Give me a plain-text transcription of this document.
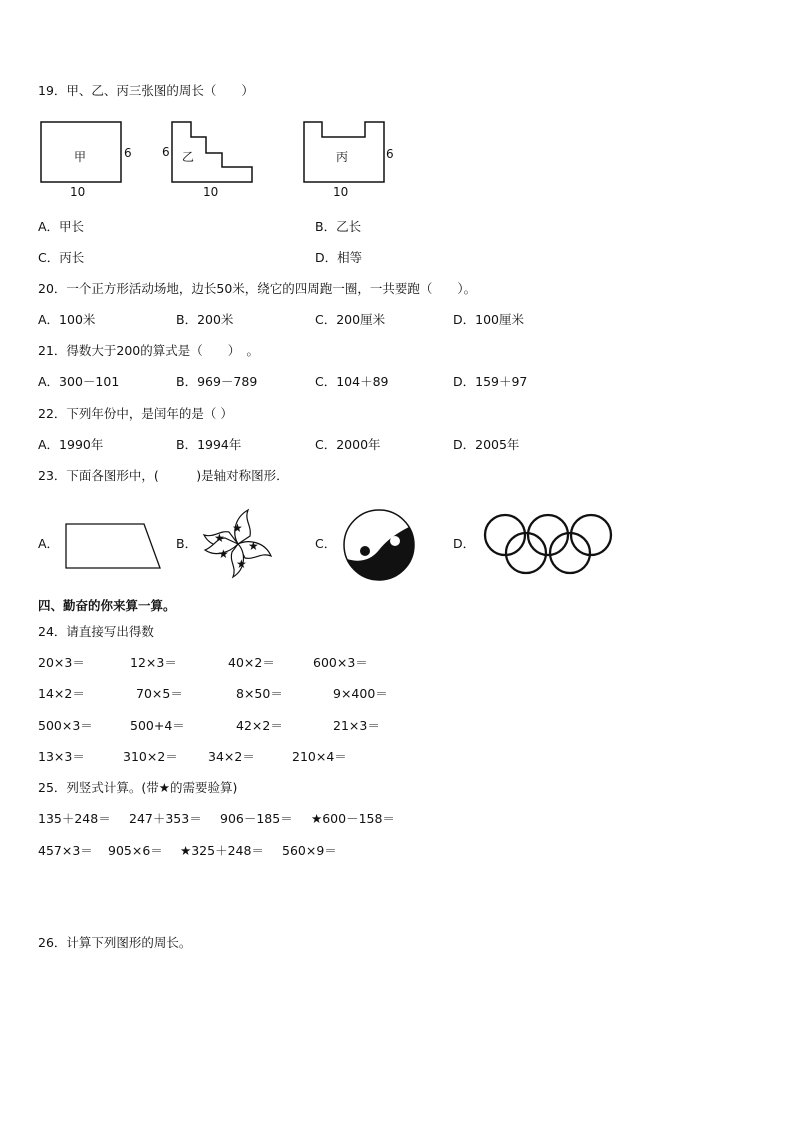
19．甲、乙、丙三张图的周长（　　）
甲	6
10
乙
6
10
丙	6
10
A．甲长	B．乙长
C．丙长	D．相等
20．一个正方形活动场地，边长50米，绕它的四周跑一圈，一共要跑（　　）。
A．100米	B．200米	C．200厘米	D．100厘米
21．得数大于200的算式是（　　）　。
A．300－101	B．969－789	C．104＋89	D．159＋97
22．下列年份中，是闰年的是（ ）
A．1990年	B．1994年	C．2000年	D．2005年
23．下面各图形中，(　　　)是轴对称图形．
A．	B．	C．	D．
★
★
★
★
★
四、勤奋的你来算一算。
24．请直接写出得数
20×3＝	12×3＝	40×2＝	600×3＝
14×2＝	70×5＝	8×50＝	9×400＝
500×3＝	500+4＝	42×2＝	21×3＝
13×3＝	310×2＝ 34×2＝	210×4＝
25．列竖式计算。(带★的需要验算)
135＋248＝ 247＋353＝ 906－185＝ ★600－158＝
457×3＝ 905×6＝ ★325＋248＝ 560×9＝
26．计算下列图形的周长。
